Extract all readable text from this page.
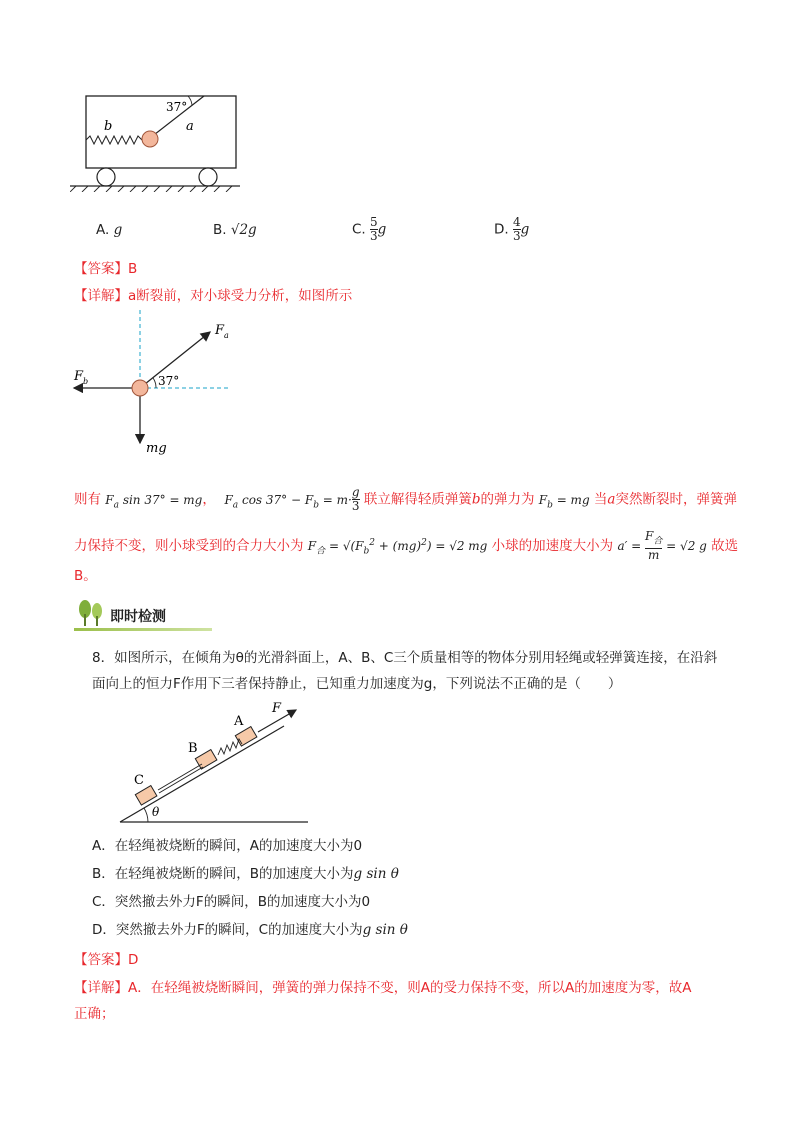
37°
a
b
A. g	B. √2g	C. $\frac{5}{3}$ g	D. $\frac{4}{3}$ g
【答案】B
【详解】a断裂前，对小球受力分析，如图所示
F a
F b
mg
37°
则有 $F_a$ sin 37° = mg，  $F_a$ $\cos 37^\circ - F_b = m\cdot \frac{g}{3}$ 联立解得轻质弹簧b的弹力为 $F_b$ = mg 当a突然断裂时，弹簧弹
力保持不变，则小球受到的合力大小为 $F_合 = √(F_b^2 + (mg)^2) = √2$ mg 小球的加速度大小为 $a' = \frac{F_合}{m} = √2$ g 故选
B。
即时检测
8．如图所示，在倾角为θ的光滑斜面上，A、B、C三个质量相等的物体分别用轻绳或轻弹簧连接，在沿斜
面向上的恒力F作用下三者保持静止，已知重力加速度为g，下列说法不正确的是（　　）
C
B
A
F
θ
A．在轻绳被烧断的瞬间，A的加速度大小为0
B．在轻绳被烧断的瞬间，B的加速度大小为g sin θ
C．突然撤去外力F的瞬间，B的加速度大小为0
D．突然撤去外力F的瞬间，C的加速度大小为g sin θ
【答案】D
【详解】A．在轻绳被烧断瞬间，弹簧的弹力保持不变，则A的受力保持不变，所以A的加速度为零，故A
正确；
